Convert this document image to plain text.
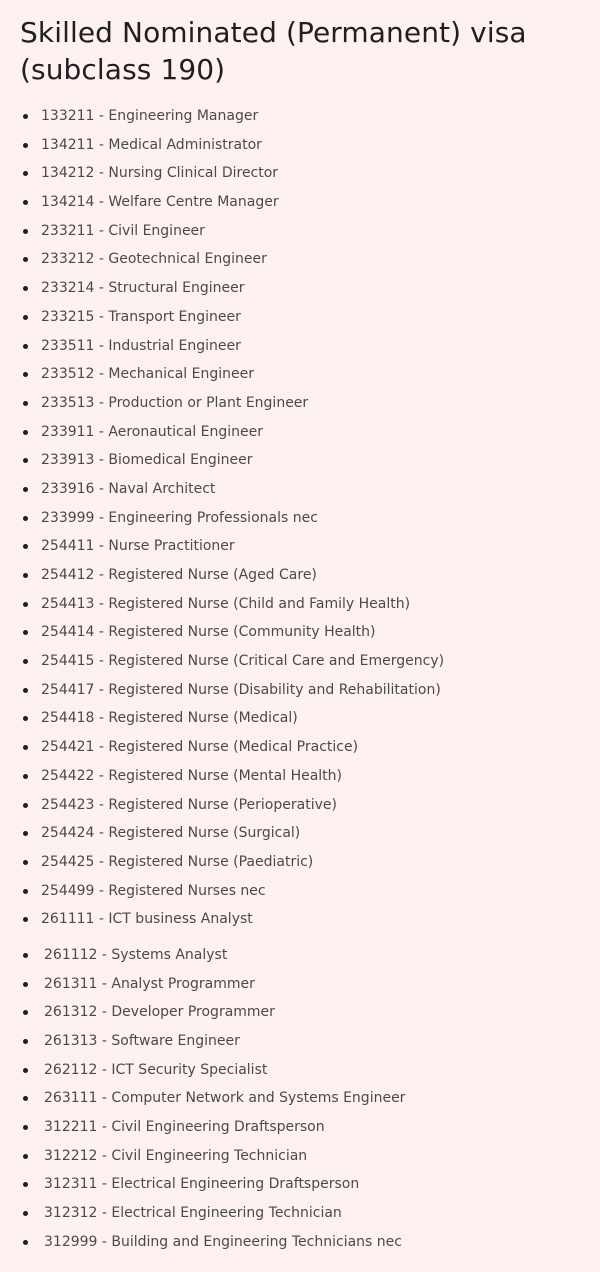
Skilled Nominated (Permanent) visa (subclass 190)
133211 - Engineering Manager
134211 - Medical Administrator
134212 - Nursing Clinical Director
134214 - Welfare Centre Manager
233211 - Civil Engineer
233212 - Geotechnical Engineer
233214 - Structural Engineer
233215 - Transport Engineer
233511 - Industrial Engineer
233512 - Mechanical Engineer
233513 - Production or Plant Engineer
233911 - Aeronautical Engineer
233913 - Biomedical Engineer
233916 - Naval Architect
233999 - Engineering Professionals nec
254411 - Nurse Practitioner
254412 - Registered Nurse (Aged Care)
254413 - Registered Nurse (Child and Family Health)
254414 - Registered Nurse (Community Health)
254415 - Registered Nurse (Critical Care and Emergency)
254417 - Registered Nurse (Disability and Rehabilitation)
254418 - Registered Nurse (Medical)
254421 - Registered Nurse (Medical Practice)
254422 - Registered Nurse (Mental Health)
254423 - Registered Nurse (Perioperative)
254424 - Registered Nurse (Surgical)
254425 - Registered Nurse (Paediatric)
254499 - Registered Nurses nec
261111 - ICT business Analyst
261112 - Systems Analyst
261311 - Analyst Programmer
261312 - Developer Programmer
261313 - Software Engineer
262112 - ICT Security Specialist
263111 - Computer Network and Systems Engineer
312211 - Civil Engineering Draftsperson
312212 - Civil Engineering Technician
312311 - Electrical Engineering Draftsperson
312312 - Electrical Engineering Technician
312999 - Building and Engineering Technicians nec
